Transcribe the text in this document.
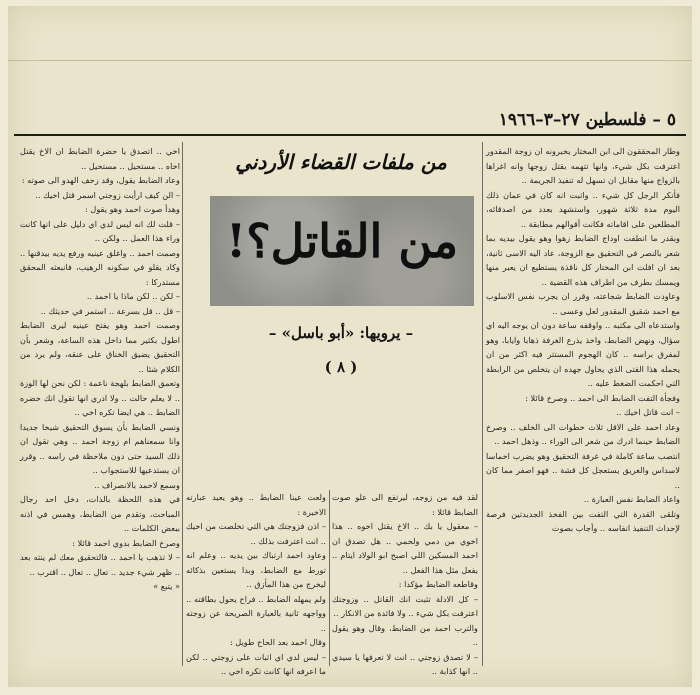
٥ – فلسطين ٢٧–٣–١٩٦٦

وطار المحققون الى ابن المختار يخبرونه ان زوجة المقدور اعترفت بكل شيء، وانها تتهمه بقتل زوجها وانه اغراها بالزواج منها مقابل ان تسهل له تنفيذ الجريمة ..

فأنكر الرجل كل شيء .. واثبت انه كان في عمان ذلك اليوم مدة ثلاثة شهور، واستشهد بعدد من اصدقائه، المطلعين على اقاماته فكانت أقوالهم مطابقة ..

وبقدر ما انطفت اوداج الضابط زهوا وهو يقول بيديه بما شعر بالنصر في التحقيق مع الزوجة، عاد اليه الاسى ثانية، بعد ان افلت ابن المختار كل ناقذة يستطيع ان يعبر منها ويمسك بطرف من اطراف هذه القضية ..

وعاودت الضابط شجاعته، وقرر ان يجرب نفس الاسلوب مع احمد شقيق المقدور لعل وعسى ..

واستدعاه الى مكتبه .. واوقفه ساعة دون ان يوجه اليه اي سؤال، ونهض الضابط، واخذ يذرع الغرفة ذهابا وايابا، وهو لمفرق براسه .. كان الهجوم المستتر فيه اكثر من ان يحمله هذا الفتى الذي يحاول جهده ان يتخلص من الرابطة التي احكمت الضغط عليه ..

وفجأة التفت الضابط الى احمد .. وصرخ قائلا :

– انت قاتل اخيك ..

وعاد احمد على الاقل ثلاث خطوات الى الخلف .. وصرخ الضابط حينما ادرك من شعر الى الوراء .. وذهل احمد ..

انتصب ساعة كاملة في غرفة التحقيق وهو يضرب اخماسا لاسداس والغريق يستعجل كل قشة .. فهو اصفر مما كان ..

واعاد الضابط نفس العبارة ..

وتلقى القدرة التي التفت بين الفخذ الجديدتين فرصة لإحداث التنفيذ انفاسه .. وأجاب بصوت

من ملفات القضاء الأردني
من القاتل؟!
– يرويها: «أبو باسل» –
( ٨ )

لقد فيه من زوجه، ليرتفع الى علو صوت الضابط قائلا :

– معقول يا بك .. الاخ يقتل اخوه .. هذا اخوي من دمي ولحمي .. هل تصدق ان احمد المسكين اللي اصبح ابو الولاد ايتام .. يفعل مثل هذا الفعل ..

وقاطعه الضابط مؤكدا :

– كل الادلة تثبت انك القاتل .. وزوجتك اعترفت بكل شيء .. ولا فائدة من الانكار ..

والترب احمد من الضابط، وقال وهو يقول ..

– لا تصدق زوجتي .. انت لا تعرفها يا سيدي .. انها كذابة ..

ولعت عينا الضابط .. وهو يعيد عبارته الاخيرة :

– اذن فزوجتك هي التي تخلصت من اخيك .. انت اعترفت بذلك ..

وعاود احمد ارتباك بين يديه .. وعلم انه تورط مع الضابط، وبدا يستعين بذكائه ليخرج من هذا المأزق ..

ولم يمهله الضابط .. فراح يحول بطاقته .. وواجهه ثانية بالعبارة الصريحة عن زوجته ..

وقال احمد بعد الحاح طويل :

– ليس لدي اي اثبات على زوجتي .. لكن ما اعرفه انها كانت تكره اخي ..

اخي .. اتصدق يا حضرة الضابط ان الاخ يقتل اخاه .. مستحيل .. مستحيل ..

وعاد الضابط يقول، وقد زحف الهدو الى صوته :

– الن كيف ارأيت زوجتي اسمر قتل اخيك ..

وهدأ صوت احمد وهو يقول :

– قلت لك انه ليس لدي اي دليل على انها كانت وراء هذا العمل .. ولكن ..

وصمت احمد .. واغلق عينيه ورفع يديه بيدقنها .. وكاد يقلو في سكونه الرهيب، فانبعثه المحقق مستدركا :

– لكن .. لكن ماذا يا احمد ..

– قل .. قل بسرعة .. استمر في حديثك ..

وصمت احمد وهو يفتح عينيه ليرى الضابط اطول بكثير مما داخل هذه الساعة، وشعر بأن التحقيق يضيق الخناق على عنقه، ولم يرد من الكلام شئا ..

وتعمق الضابط بلهجة ناعمة : لكن نحن لها الوزة .. لا يعلم حالت .. ولا ادري انها تقول انك حضره الضابط .. هي ايضا تكره اخي ..

ونسي الضابط بأن يسوق التحقيق شيخا جديدا وانا سمعناهم ام زوجة احمد .. وهي تقول ان ذلك السيد حتى دون ملاحظة في راسه .. وقرر ان يستدعيها للاستجواب ..

وسمع لاحمد بالانصراف ..

في هذه اللحظة بالذات، دخل احد رجال المباحث، وتقدم من الضابط، وهمس في اذنه ببعض الكلمات ..

وصرخ الضابط بدوي احمد قائلا :

– لا تذهب يا احمد .. فالتحقيق معك لم ينته بعد .. ظهر شيء جديد .. تعال .. تعال .. اقترب ..

« يتبع »
